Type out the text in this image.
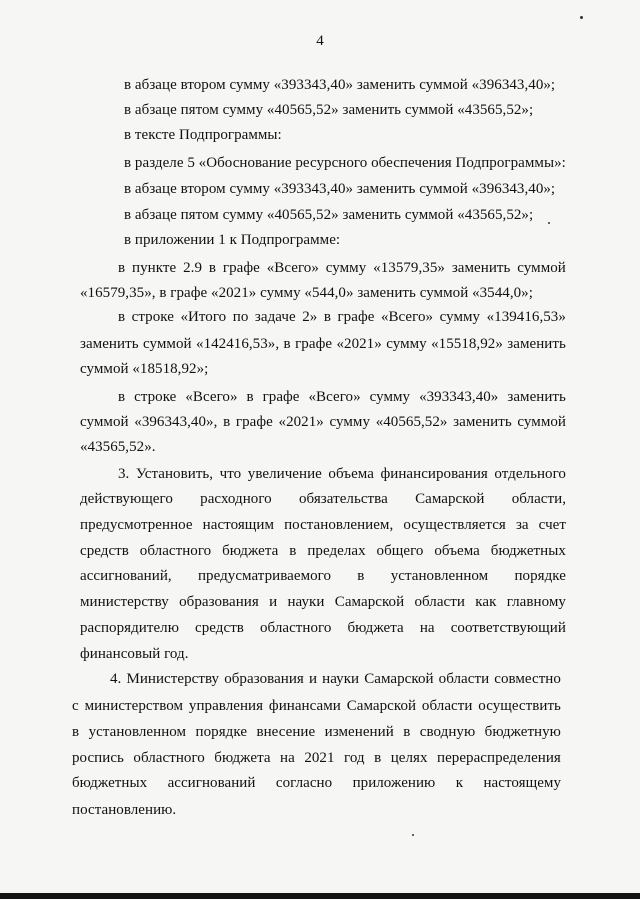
4
в абзаце втором сумму «393343,40» заменить суммой «396343,40»;
в абзаце пятом сумму «40565,52» заменить суммой «43565,52»;
в тексте Подпрограммы:
в разделе 5 «Обоснование ресурсного обеспечения Подпрограммы»:
в абзаце втором сумму «393343,40» заменить суммой «396343,40»;
в абзаце пятом сумму «40565,52» заменить суммой «43565,52»;
в приложении 1 к Подпрограмме:
в пункте 2.9 в графе «Всего» сумму «13579,35» заменить суммой
«16579,35», в графе «2021» сумму «544,0» заменить суммой «3544,0»;
в строке «Итого по задаче 2» в графе «Всего» сумму «139416,53»
заменить суммой «142416,53», в графе «2021» сумму «15518,92» заменить
суммой «18518,92»;
в строке «Всего» в графе «Всего» сумму «393343,40» заменить
суммой «396343,40», в графе «2021» сумму «40565,52» заменить суммой
«43565,52».
3. Установить, что увеличение объема финансирования отдельного
действующего расходного обязательства Самарской области,
предусмотренное настоящим постановлением, осуществляется за счет
средств областного бюджета в пределах общего объема бюджетных
ассигнований, предусматриваемого в установленном порядке
министерству образования и науки Самарской области как главному
распорядителю средств областного бюджета на соответствующий
финансовый год.
4. Министерству образования и науки Самарской области совместно
с министерством управления финансами Самарской области осуществить
в установленном порядке внесение изменений в сводную бюджетную
роспись областного бюджета на 2021 год в целях перераспределения
бюджетных ассигнований согласно приложению к настоящему
постановлению.
